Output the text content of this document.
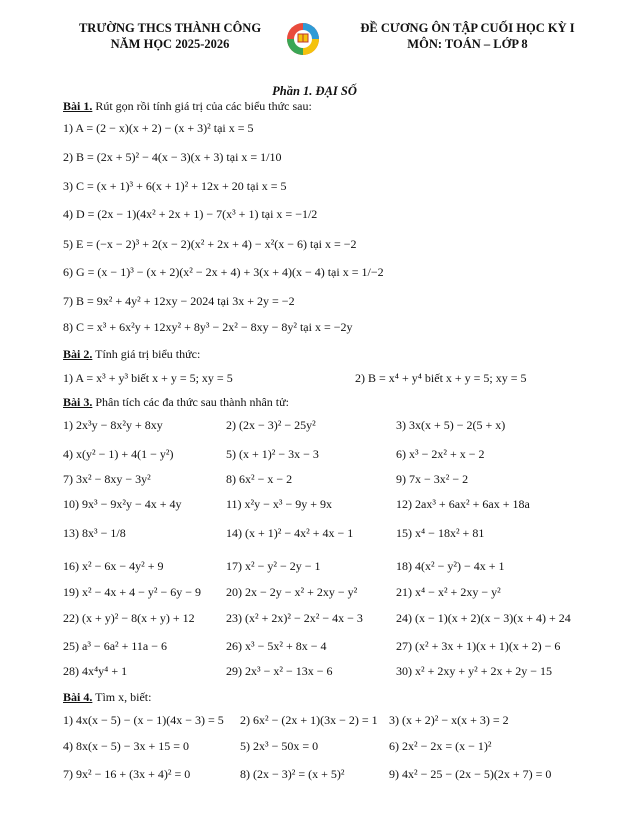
TRƯỜNG THCS THÀNH CÔNG
NĂM HỌC 2025-2026
ĐỀ CƯƠNG ÔN TẬP CUỐI HỌC KỲ I
MÔN: TOÁN – LỚP 8
Phần 1. ĐẠI SỐ
Bài 1. Rút gọn rồi tính giá trị của các biểu thức sau:
1) A = (2 − x)(x + 2) − (x + 3)² tại x = 5
2) B = (2x + 5)² − 4(x − 3)(x + 3) tại x = 1/10
3) C = (x + 1)³ + 6(x + 1)² + 12x + 20 tại x = 5
4) D = (2x − 1)(4x² + 2x + 1) − 7(x³ + 1) tại x = −1/2
5) E = (−x − 2)³ + 2(x − 2)(x² + 2x + 4) − x²(x − 6) tại x = −2
6) G = (x − 1)³ − (x + 2)(x² − 2x + 4) + 3(x + 4)(x − 4) tại x = 1/−2
7) B = 9x² + 4y² + 12xy − 2024 tại 3x + 2y = −2
8) C = x³ + 6x²y + 12xy² + 8y³ − 2x² − 8xy − 8y² tại x = −2y
Bài 2. Tính giá trị biểu thức:
1) A = x³ + y³ biết x + y = 5; xy = 5	2) B = x⁴ + y⁴ biết x + y = 5; xy = 5
Bài 3. Phân tích các đa thức sau thành nhân tử:
1) 2x³y − 8x²y + 8xy	2) (2x − 3)² − 25y²	3) 3x(x + 5) − 2(5 + x)
4) x(y² − 1) + 4(1 − y²)	5) (x + 1)² − 3x − 3	6) x³ − 2x² + x − 2
7) 3x² − 8xy − 3y²	8) 6x² − x − 2	9) 7x − 3x² − 2
10) 9x³ − 9x²y − 4x + 4y	11) x²y − x³ − 9y + 9x	12) 2ax³ + 6ax² + 6ax + 18a
13) 8x³ − 1/8	14) (x + 1)² − 4x² + 4x − 1	15) x⁴ − 18x² + 81
16) x² − 6x − 4y² + 9	17) x² − y² − 2y − 1	18) 4(x² − y²) − 4x + 1
19) x² − 4x + 4 − y² − 6y − 9 20) 2x − 2y − x² + 2xy − y²	21) x⁴ − x² + 2xy − y²
22) (x + y)² − 8(x + y) + 12	23) (x² + 2x)² − 2x² − 4x − 3	24) (x − 1)(x + 2)(x − 3)(x + 4) + 24
25) a³ − 6a² + 11a − 6	26) x³ − 5x² + 8x − 4	27) (x² + 3x + 1)(x + 1)(x + 2) − 6
28) 4x⁴y⁴ + 1	29) 2x³ − x² − 13x − 6	30) x² + 2xy + y² + 2x + 2y − 15
Bài 4. Tìm x, biết:
1) 4x(x − 5) − (x − 1)(4x − 3) = 5 2) 6x² − (2x + 1)(3x − 2) = 1 3) (x + 2)² − x(x + 3) = 2
4) 8x(x − 5) − 3x + 15 = 0	5) 2x³ − 50x = 0	6) 2x² − 2x = (x − 1)²
7) 9x² − 16 + (3x + 4)² = 0	8) (2x − 3)² = (x + 5)²	9) 4x² − 25 − (2x − 5)(2x + 7) = 0
